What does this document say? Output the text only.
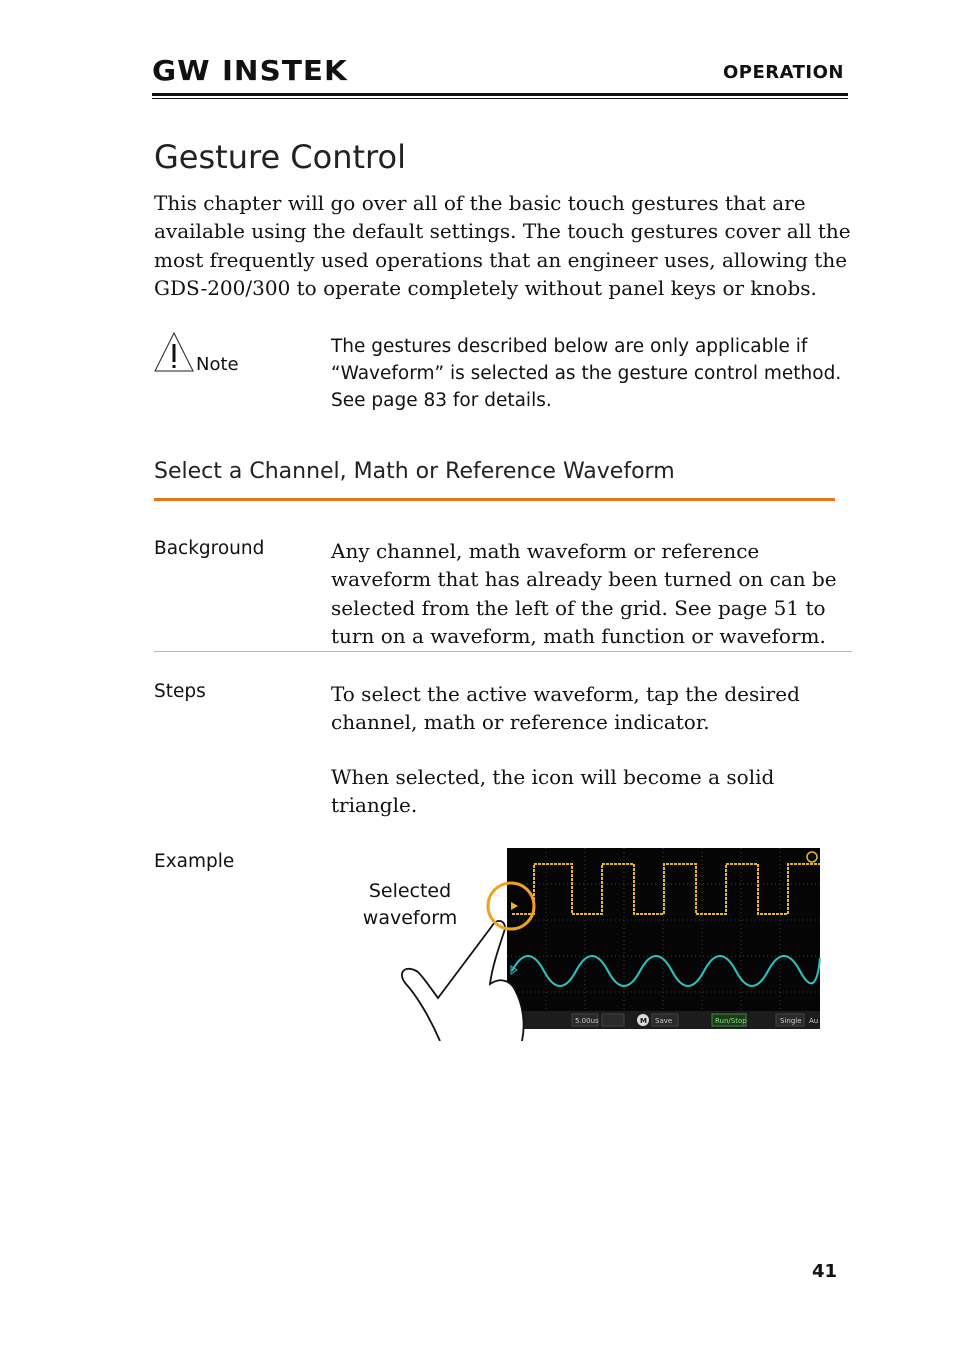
GW INSTEK	OPERATION
Gesture Control
This chapter will go over all of the basic touch gestures that are available using the default settings. The touch gestures cover all the most frequently used operations that an engineer uses, allowing the GDS-200/300 to operate completely without panel keys or knobs.
Note
The gestures described below are only applicable if “Waveform” is selected as the gesture control method. See page 83 for details.
Select a Channel, Math or Reference Waveform
Background	Any channel, math waveform or reference waveform that has already been turned on can be selected from the left of the grid. See page 51 to turn on a waveform, math function or waveform.
Steps	To select the active waveform, tap the desired channel, math or reference indicator.
When selected, the icon will become a solid triangle.
Example
Selected
waveform
5.00us	M Save	Run/Stop	Single Au
41
